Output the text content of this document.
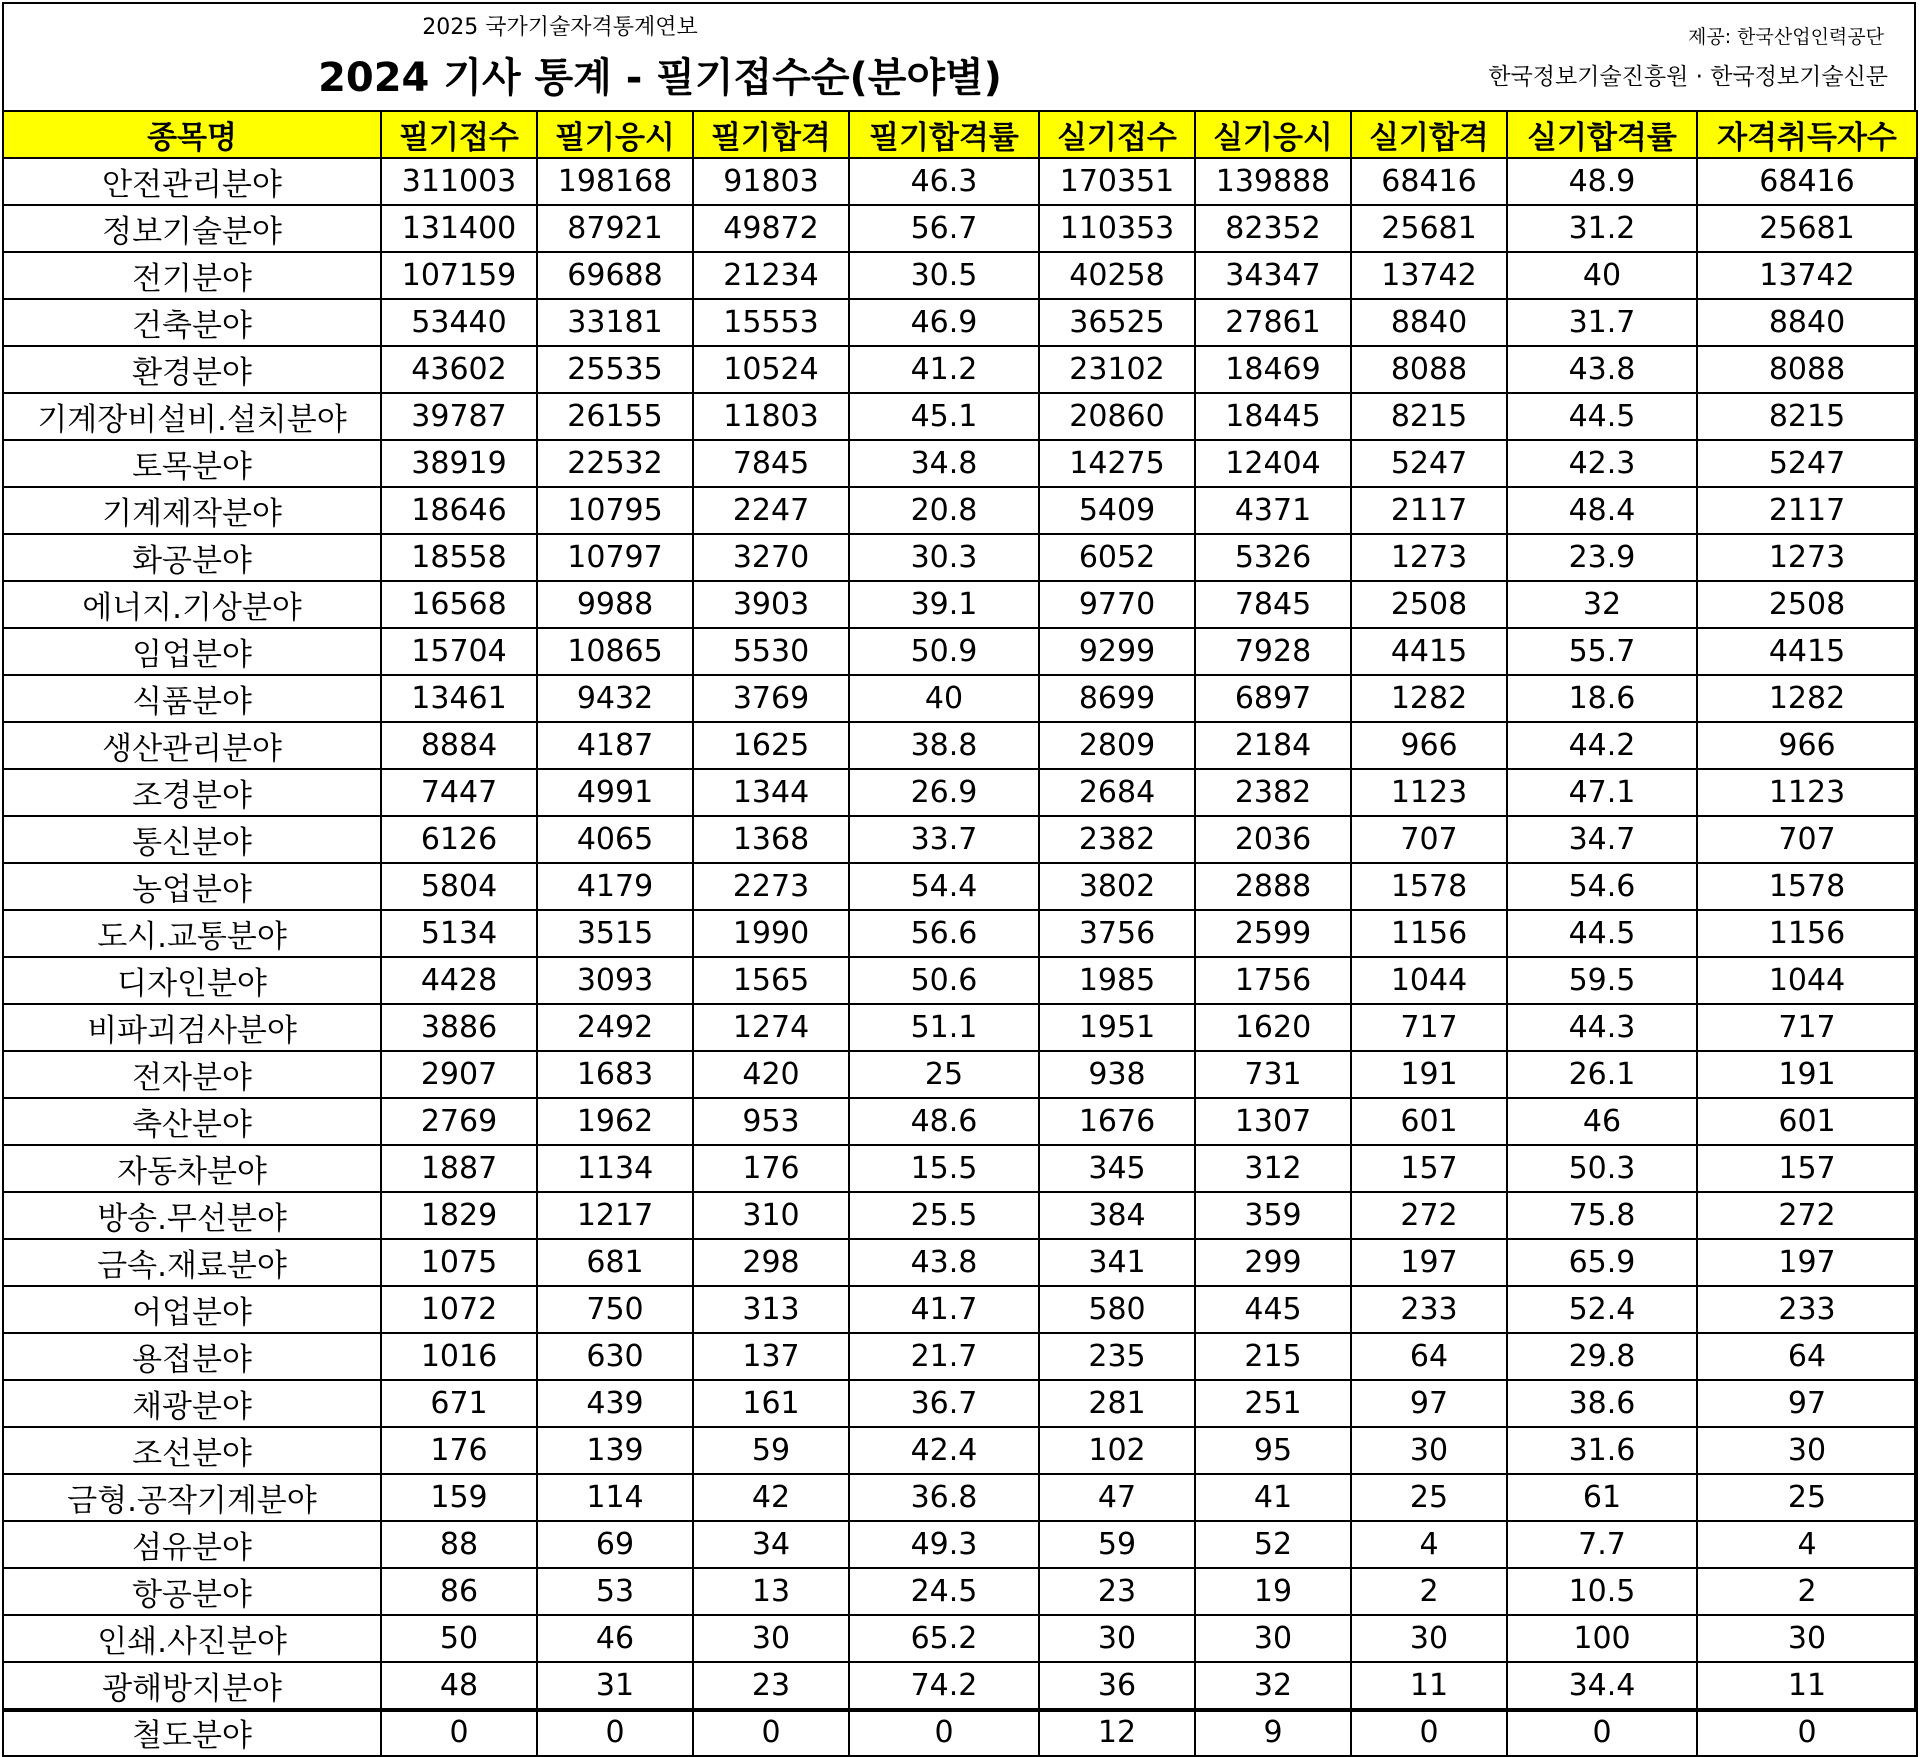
2025 국가기술자격통계연보
2024 기사 통계 - 필기접수순(분야별)
제공: 한국산업인력공단
한국정보기술진흥원 · 한국정보기술신문
종목명	필기접수	필기응시	필기합격	필기합격률	실기접수	실기응시	실기합격	실기합격률	자격취득자수
안전관리분야	311003	198168	91803	46.3	170351	139888	68416	48.9	68416
정보기술분야	131400	87921	49872	56.7	110353	82352	25681	31.2	25681
전기분야	107159	69688	21234	30.5	40258	34347	13742	40	13742
건축분야	53440	33181	15553	46.9	36525	27861	8840	31.7	8840
환경분야	43602	25535	10524	41.2	23102	18469	8088	43.8	8088
기계장비설비.설치분야	39787	26155	11803	45.1	20860	18445	8215	44.5	8215
토목분야	38919	22532	7845	34.8	14275	12404	5247	42.3	5247
기계제작분야	18646	10795	2247	20.8	5409	4371	2117	48.4	2117
화공분야	18558	10797	3270	30.3	6052	5326	1273	23.9	1273
에너지.기상분야	16568	9988	3903	39.1	9770	7845	2508	32	2508
임업분야	15704	10865	5530	50.9	9299	7928	4415	55.7	4415
식품분야	13461	9432	3769	40	8699	6897	1282	18.6	1282
생산관리분야	8884	4187	1625	38.8	2809	2184	966	44.2	966
조경분야	7447	4991	1344	26.9	2684	2382	1123	47.1	1123
통신분야	6126	4065	1368	33.7	2382	2036	707	34.7	707
농업분야	5804	4179	2273	54.4	3802	2888	1578	54.6	1578
도시.교통분야	5134	3515	1990	56.6	3756	2599	1156	44.5	1156
디자인분야	4428	3093	1565	50.6	1985	1756	1044	59.5	1044
비파괴검사분야	3886	2492	1274	51.1	1951	1620	717	44.3	717
전자분야	2907	1683	420	25	938	731	191	26.1	191
축산분야	2769	1962	953	48.6	1676	1307	601	46	601
자동차분야	1887	1134	176	15.5	345	312	157	50.3	157
방송.무선분야	1829	1217	310	25.5	384	359	272	75.8	272
금속.재료분야	1075	681	298	43.8	341	299	197	65.9	197
어업분야	1072	750	313	41.7	580	445	233	52.4	233
용접분야	1016	630	137	21.7	235	215	64	29.8	64
채광분야	671	439	161	36.7	281	251	97	38.6	97
조선분야	176	139	59	42.4	102	95	30	31.6	30
금형.공작기계분야	159	114	42	36.8	47	41	25	61	25
섬유분야	88	69	34	49.3	59	52	4	7.7	4
항공분야	86	53	13	24.5	23	19	2	10.5	2
인쇄.사진분야	50	46	30	65.2	30	30	30	100	30
광해방지분야	48	31	23	74.2	36	32	11	34.4	11
철도분야	0	0	0	0	12	9	0	0	0
